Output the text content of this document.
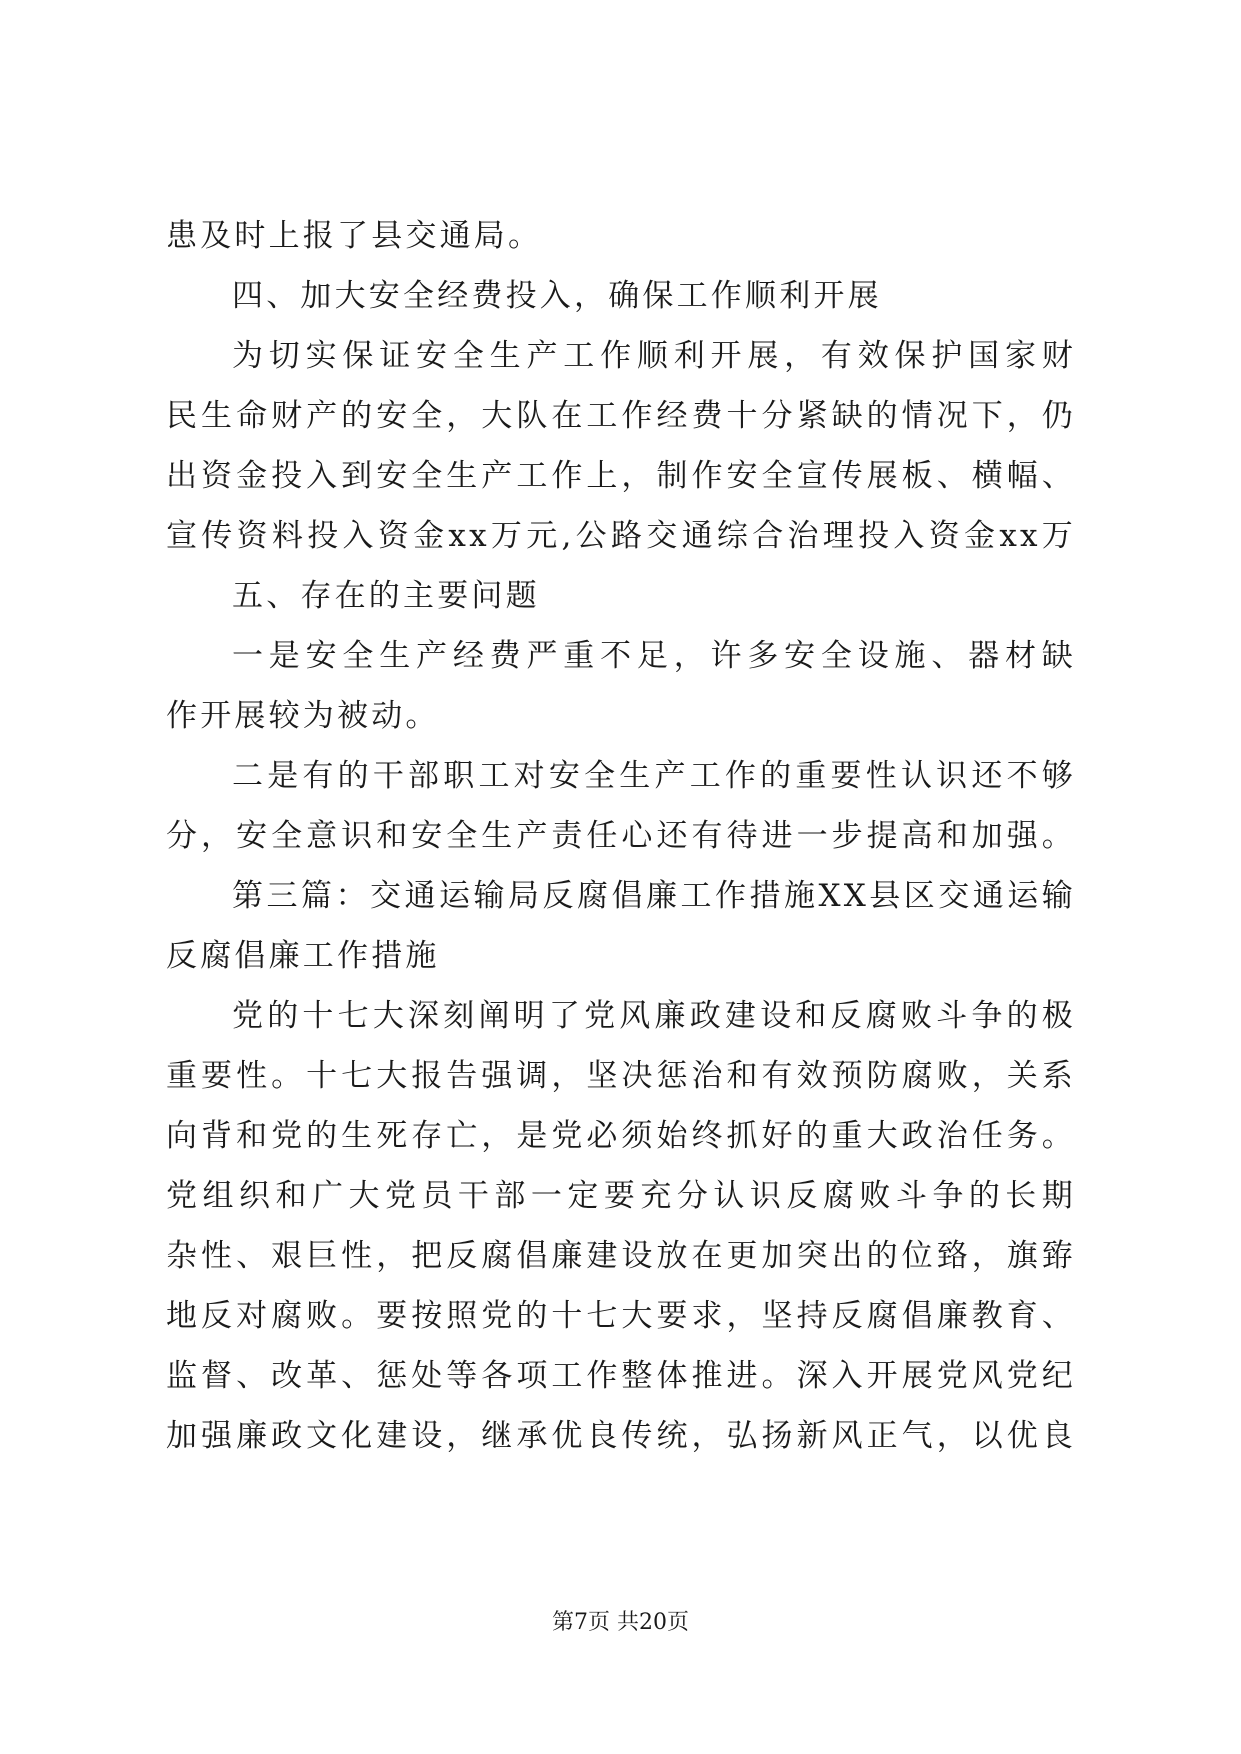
患及时上报了县交通局。
四、加大安全经费投入，确保工作顺利开展
为切实保证安全生产工作顺利开展，有效保护国家财
民生命财产的安全，大队在工作经费十分紧缺的情况下，仍
出资金投入到安全生产工作上，制作安全宣传展板、横幅、
宣传资料投入资金xx万元,公路交通综合治理投入资金xx万
五、存在的主要问题
一是安全生产经费严重不足，许多安全设施、器材缺
作开展较为被动。
二是有的干部职工对安全生产工作的重要性认识还不够
分，安全意识和安全生产责任心还有待进一步提高和加强。
第三篇：交通运输局反腐倡廉工作措施XX县区交通运输
反腐倡廉工作措施
党的十七大深刻阐明了党风廉政建设和反腐败斗争的极
重要性。十七大报告强调，坚决惩治和有效预防腐败，关系
向背和党的生死存亡，是党必须始终抓好的重大政治任务。
党组织和广大党员干部一定要充分认识反腐败斗争的长期
杂性、艰巨性，把反腐倡廉建设放在更加突出的位臵，旗臶
地反对腐败。要按照党的十七大要求，坚持反腐倡廉教育、
监督、改革、惩处等各项工作整体推进。深入开展党风党纪
加强廉政文化建设，继承优良传统，弘扬新风正气，以优良
第7页 共20页
